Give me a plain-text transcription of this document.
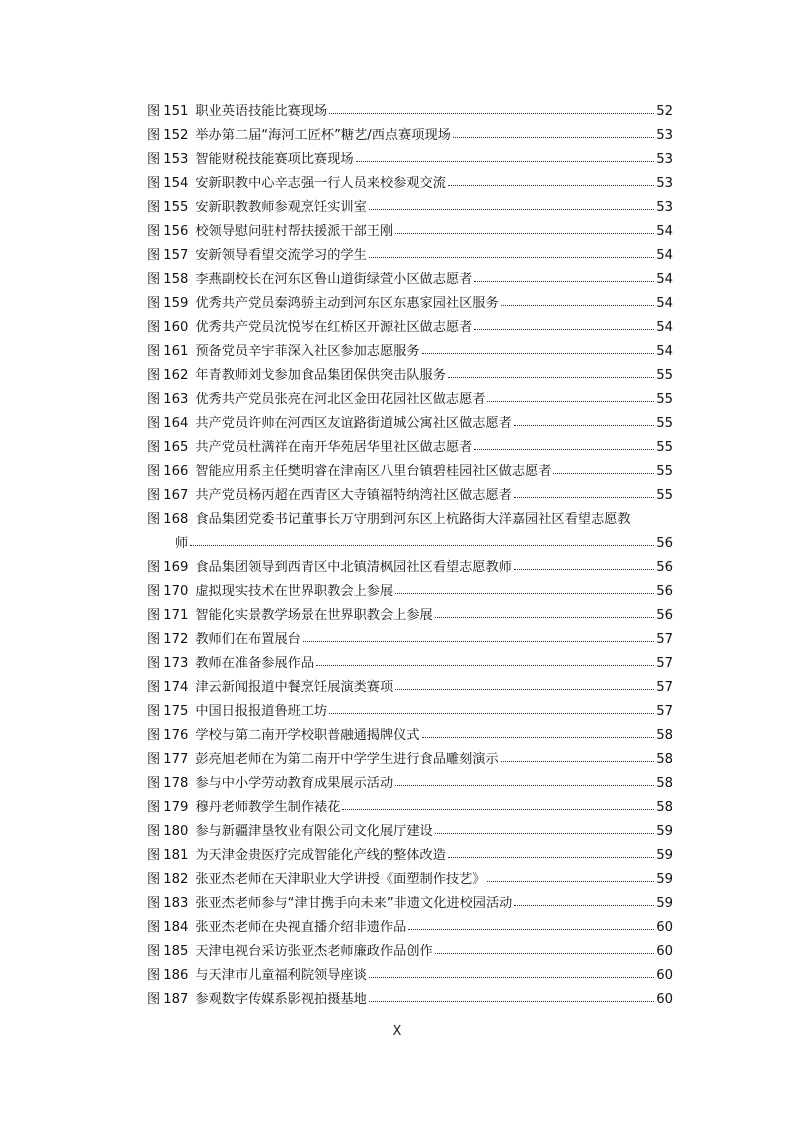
图 151 职业英语技能比赛现场	52
图 152 举办第二届“海河工匠杯”糖艺/西点赛项现场	53
图 153 智能财税技能赛项比赛现场	53
图 154 安新职教中心辛志强一行人员来校参观交流	53
图 155 安新职教教师参观烹饪实训室	53
图 156 校领导慰问驻村帮扶援派干部王刚	54
图 157 安新领导看望交流学习的学生	54
图 158 李燕副校长在河东区鲁山道街绿萱小区做志愿者	54
图 159 优秀共产党员秦鸿骄主动到河东区东惠家园社区服务	54
图 160 优秀共产党员沈悦岑在红桥区开源社区做志愿者	54
图 161 预备党员辛宇菲深入社区参加志愿服务	54
图 162 年青教师刘戈参加食品集团保供突击队服务	55
图 163 优秀共产党员张亮在河北区金田花园社区做志愿者	55
图 164 共产党员许帅在河西区友谊路街道城公寓社区做志愿者	55
图 165 共产党员杜满祥在南开华苑居华里社区做志愿者	55
图 166 智能应用系主任樊明睿在津南区八里台镇碧桂园社区做志愿者	55
图 167 共产党员杨丙超在西青区大寺镇福特纳湾社区做志愿者	55
图 168 食品集团党委书记董事长万守朋到河东区上杭路街大洋嘉园社区看望志愿教
师	56
图 169 食品集团领导到西青区中北镇清枫园社区看望志愿教师	56
图 170 虚拟现实技术在世界职教会上参展	56
图 171 智能化实景教学场景在世界职教会上参展	56
图 172 教师们在布置展台	57
图 173 教师在准备参展作品	57
图 174 津云新闻报道中餐烹饪展演类赛项	57
图 175 中国日报报道鲁班工坊	57
图 176 学校与第二南开学校职普融通揭牌仪式	58
图 177 彭亮旭老师在为第二南开中学学生进行食品雕刻演示	58
图 178 参与中小学劳动教育成果展示活动	58
图 179 穆丹老师教学生制作裱花	58
图 180 参与新疆津垦牧业有限公司文化展厅建设	59
图 181 为天津金贵医疗完成智能化产线的整体改造	59
图 182 张亚杰老师在天津职业大学讲授《面塑制作技艺》	59
图 183 张亚杰老师参与“津甘携手向未来”非遗文化进校园活动	59
图 184 张亚杰老师在央视直播介绍非遗作品	60
图 185 天津电视台采访张亚杰老师廉政作品创作	60
图 186 与天津市儿童福利院领导座谈	60
图 187 参观数字传媒系影视拍摄基地	60
X
